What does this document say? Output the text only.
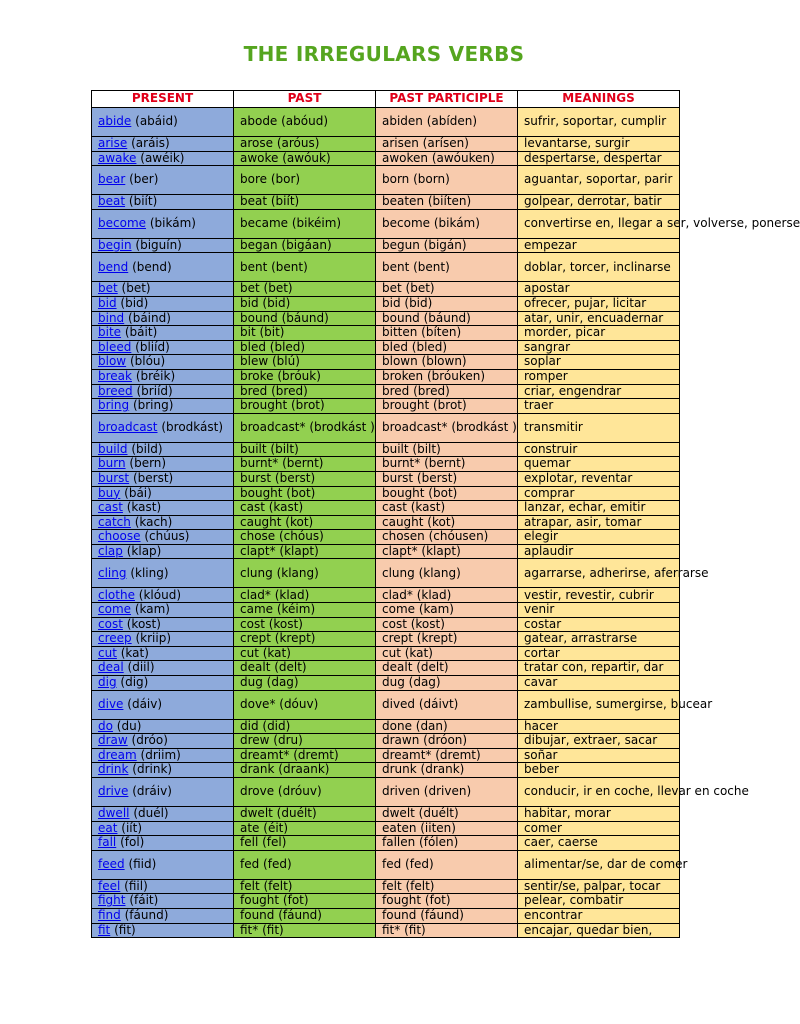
THE IRREGULARS VERBS
PRESENT	PAST	PAST PARTICIPLE	MEANINGS
abide (abáid)	abode (abóud)	abiden (abíden)	sufrir, soportar, cumplir
arise (aráis)	arose (aróus)	arisen (arísen)	levantarse, surgir
awake (awéik)	awoke (awóuk)	awoken (awóuken)	despertarse, despertar
bear (ber)	bore (bor)	born (born)	aguantar, soportar, parir
beat (biít)	beat (biít)	beaten (biíten)	golpear, derrotar, batir
become (bikám)	became (bikéim)	become (bikám)	convertirse en, llegar a ser, volverse, ponerse
begin (biguín)	began (bigáan)	begun (bigán)	empezar
bend (bend)	bent (bent)	bent (bent)	doblar, torcer, inclinarse
bet (bet)	bet (bet)	bet (bet)	apostar
bid (bid)	bid (bid)	bid (bid)	ofrecer, pujar, licitar
bind (báind)	bound (báund)	bound (báund)	atar, unir, encuadernar
bite (báit)	bit (bit)	bitten (bíten)	morder, picar
bleed (bliíd)	bled (bled)	bled (bled)	sangrar
blow (blóu)	blew (blú)	blown (blown)	soplar
break (bréik)	broke (bróuk)	broken (bróuken)	romper
breed (briíd)	bred (bred)	bred (bred)	criar, engendrar
bring (bring)	brought (brot)	brought (brot)	traer
broadcast (brodkást)	broadcast* (brodkást )	broadcast* (brodkást )	transmitir
build (bild)	built (bilt)	built (bilt)	construir
burn (bern)	burnt* (bernt)	burnt* (bernt)	quemar
burst (berst)	burst (berst)	burst (berst)	explotar, reventar
buy (bái)	bought (bot)	bought (bot)	comprar
cast (kast)	cast (kast)	cast (kast)	lanzar, echar, emitir
catch (kach)	caught (kot)	caught (kot)	atrapar, asir, tomar
choose (chúus)	chose (chóus)	chosen (chóusen)	elegir
clap (klap)	clapt* (klapt)	clapt* (klapt)	aplaudir
cling (kling)	clung (klang)	clung (klang)	agarrarse, adherirse, aferrarse
clothe (klóud)	clad* (klad)	clad* (klad)	vestir, revestir, cubrir
come (kam)	came (kéim)	come (kam)	venir
cost (kost)	cost (kost)	cost (kost)	costar
creep (kriip)	crept (krept)	crept (krept)	gatear, arrastrarse
cut (kat)	cut (kat)	cut (kat)	cortar
deal (diil)	dealt (delt)	dealt (delt)	tratar con, repartir, dar
dig (dig)	dug (dag)	dug (dag)	cavar
dive (dáiv)	dove* (dóuv)	dived (dáivt)	zambullise, sumergirse, bucear
do (du)	did (did)	done (dan)	hacer
draw (dróo)	drew (dru)	drawn (dróon)	dibujar, extraer, sacar
dream (driim)	dreamt* (dremt)	dreamt* (dremt)	soñar
drink (drink)	drank (draank)	drunk (drank)	beber
drive (dráiv)	drove (dróuv)	driven (driven)	conducir, ir en coche, llevar en coche
dwell (duél)	dwelt (duélt)	dwelt (duélt)	habitar, morar
eat (iít)	ate (éit)	eaten (iiten)	comer
fall (fol)	fell (fel)	fallen (fólen)	caer, caerse
feed (fiid)	fed (fed)	fed (fed)	alimentar/se, dar de comer
feel (fiil)	felt (felt)	felt (felt)	sentir/se, palpar, tocar
fight (fáit)	fought (fot)	fought (fot)	pelear, combatir
find (fáund)	found (fáund)	found (fáund)	encontrar
fit (fit)	fit* (fit)	fit* (fit)	encajar, quedar bien,
